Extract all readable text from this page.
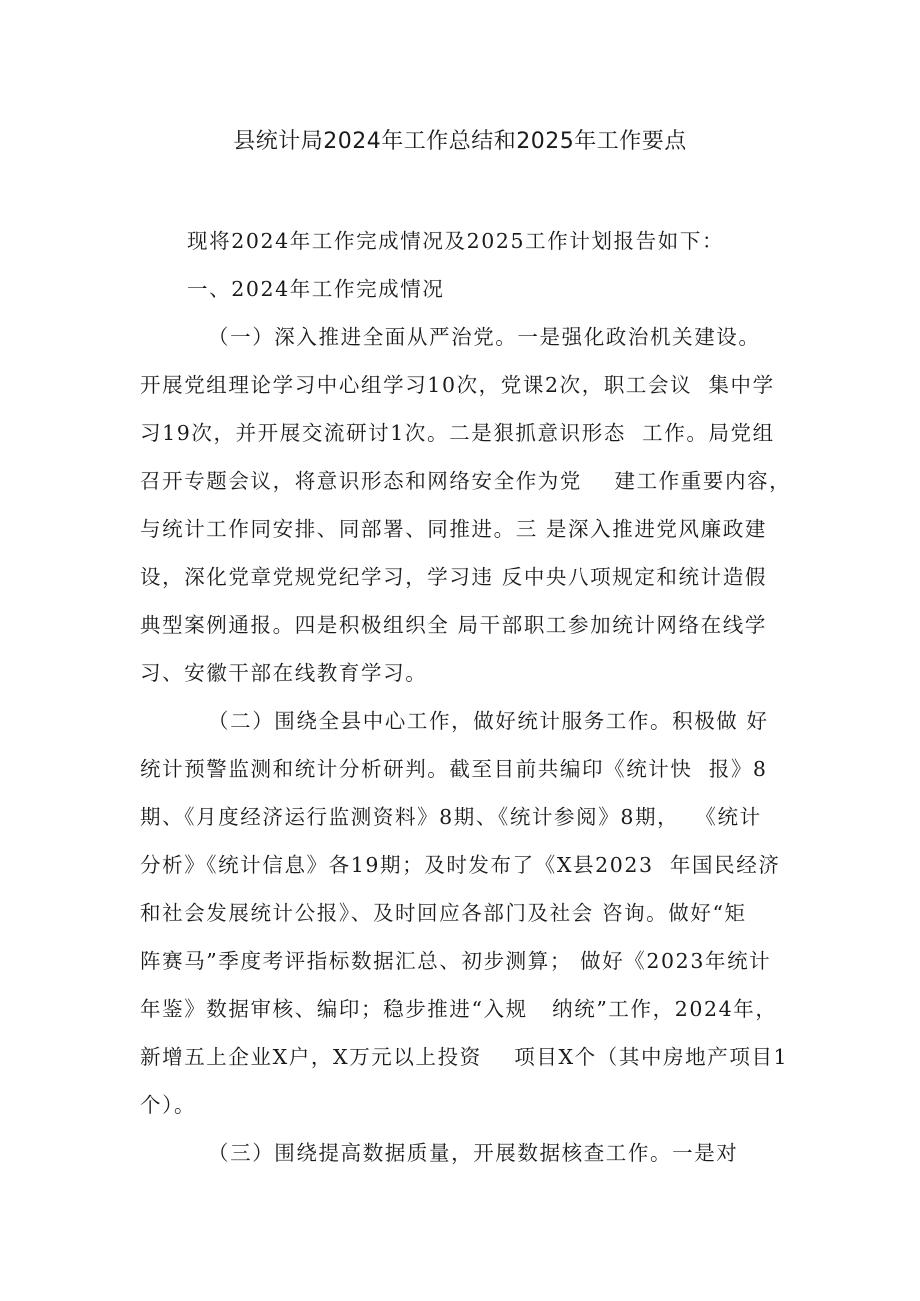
县统计局2024年工作总结和2025年工作要点
现将2024年工作完成情况及2025工作计划报告如下：
一、2024年工作完成情况
（一）深入推进全面从严治党。一是强化政治机关建设。
开展党组理论学习中心组学习10次，党课2次，职工会议  集中学
习19次，并开展交流研讨1次。二是狠抓意识形态  工作。局党组
召开专题会议，将意识形态和网络安全作为党    建工作重要内容，
与统计工作同安排、同部署、同推进。三 是深入推进党风廉政建
设，深化党章党规党纪学习，学习违 反中央八项规定和统计造假
典型案例通报。四是积极组织全 局干部职工参加统计网络在线学
习、安徽干部在线教育学习。
（二）围绕全县中心工作，做好统计服务工作。积极做 好
统计预警监测和统计分析研判。截至目前共编印《统计快  报》8
期、《月度经济运行监测资料》8期、《统计参阅》8期，  《统计
分析》《统计信息》各19期；及时发布了《X县2023  年国民经济
和社会发展统计公报》、及时回应各部门及社会 咨询。做好“矩
阵赛马”季度考评指标数据汇总、初步测算； 做好《2023年统计
年鉴》数据审核、编印；稳步推进“入规   纳统”工作，2024年，
新增五上企业X户，X万元以上投资    项目X个（其中房地产项目1
个）。
（三）围绕提高数据质量，开展数据核查工作。一是对
